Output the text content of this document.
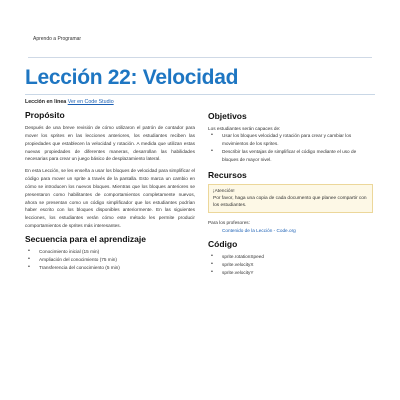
Aprendo a Programar
Lección 22: Velocidad
Lección en línea Ver en Code Studio
Propósito

Después de una breve revisión de cómo utilizaron el patrón de contador para mover los sprites en las lecciones anteriores, los estudiantes reciben las propiedades que establecen la velocidad y rotación. A medida que utilizan estas nuevas propiedades de diferentes maneras, desarrollan las habilidades necesarias para crear un juego básico de desplazamiento lateral.

En esta Lección, se les enseña a usar los bloques de velocidad para simplificar el código para mover un sprite a través de la pantalla. Esto marca un cambio en cómo se introducen los nuevos bloques. Mientras que los bloques anteriores se presentaron como habilitantes de comportamientos completamente nuevos, ahora se presentan como un código simplificador que los estudiantes podrían haber escrito con los bloques disponibles anteriormente. En las siguientes lecciones, los estudiantes verán cómo este método les permite producir comportamientos de sprites más interesantes.

Secuencia para el aprendizaje
• Conocimiento inicial (15 min)
• Ampliación del conocimiento (75 min)
• Transferencia del conocimiento (5 min)
Objetivos
Los estudiantes serán capaces de:
• Usar los bloques velocidad y rotación para crear y cambiar los movimientos de los sprites.
• Describir las ventajas de simplificar el código mediante el uso de bloques de mayor nivel.
Recursos
¡Atención!
Por favor, haga una copia de cada documento que planee compartir con los estudiantes.
Para los profesores:
Contenido de la Lección - Code.org
Código
• sprite.rotationSpeed
• sprite.velocityX
• sprite.velocityY
